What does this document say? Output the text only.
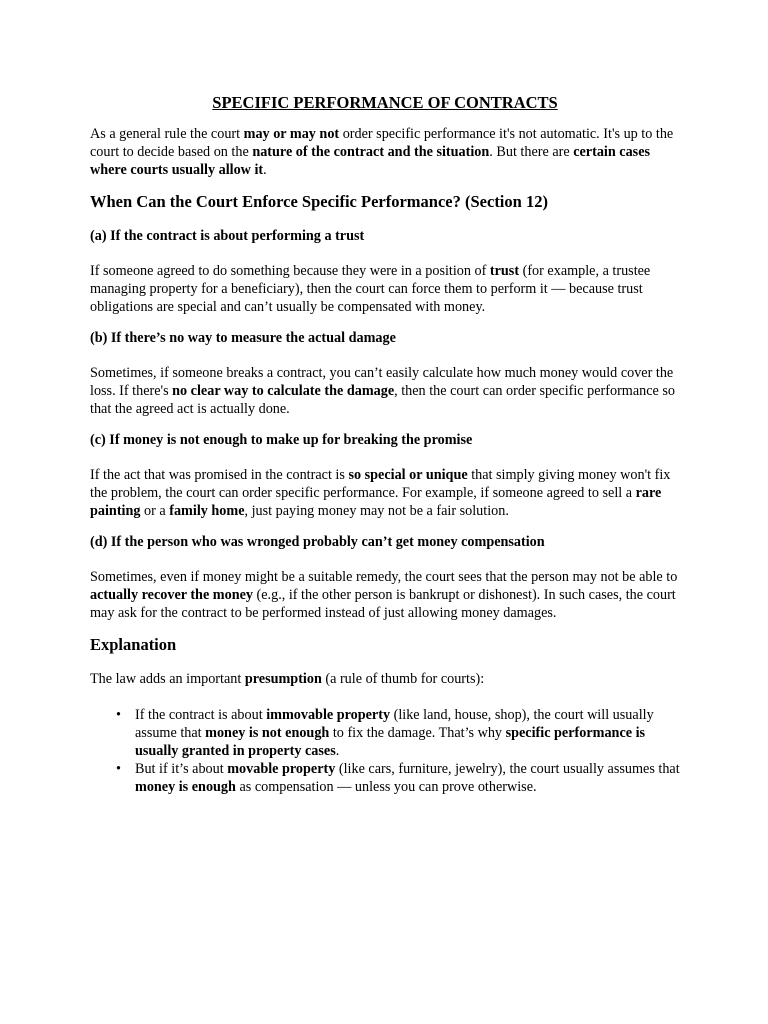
SPECIFIC PERFORMANCE OF CONTRACTS

As a general rule the court may or may not order specific performance it's not automatic. It's up to the court to decide based on the nature of the contract and the situation. But there are certain cases where courts usually allow it.

When Can the Court Enforce Specific Performance? (Section 12)

(a) If the contract is about performing a trust

If someone agreed to do something because they were in a position of trust (for example, a trustee managing property for a beneficiary), then the court can force them to perform it — because trust obligations are special and can’t usually be compensated with money.

(b) If there’s no way to measure the actual damage

Sometimes, if someone breaks a contract, you can’t easily calculate how much money would cover the loss. If there's no clear way to calculate the damage, then the court can order specific performance so that the agreed act is actually done.

(c) If money is not enough to make up for breaking the promise

If the act that was promised in the contract is so special or unique that simply giving money won't fix the problem, the court can order specific performance. For example, if someone agreed to sell a rare painting or a family home, just paying money may not be a fair solution.

(d) If the person who was wronged probably can’t get money compensation

Sometimes, even if money might be a suitable remedy, the court sees that the person may not be able to actually recover the money (e.g., if the other person is bankrupt or dishonest). In such cases, the court may ask for the contract to be performed instead of just allowing money damages.

Explanation

The law adds an important presumption (a rule of thumb for courts):

• If the contract is about immovable property (like land, house, shop), the court will usually assume that money is not enough to fix the damage. That’s why specific performance is usually granted in property cases.
• But if it’s about movable property (like cars, furniture, jewelry), the court usually assumes that money is enough as compensation — unless you can prove otherwise.
